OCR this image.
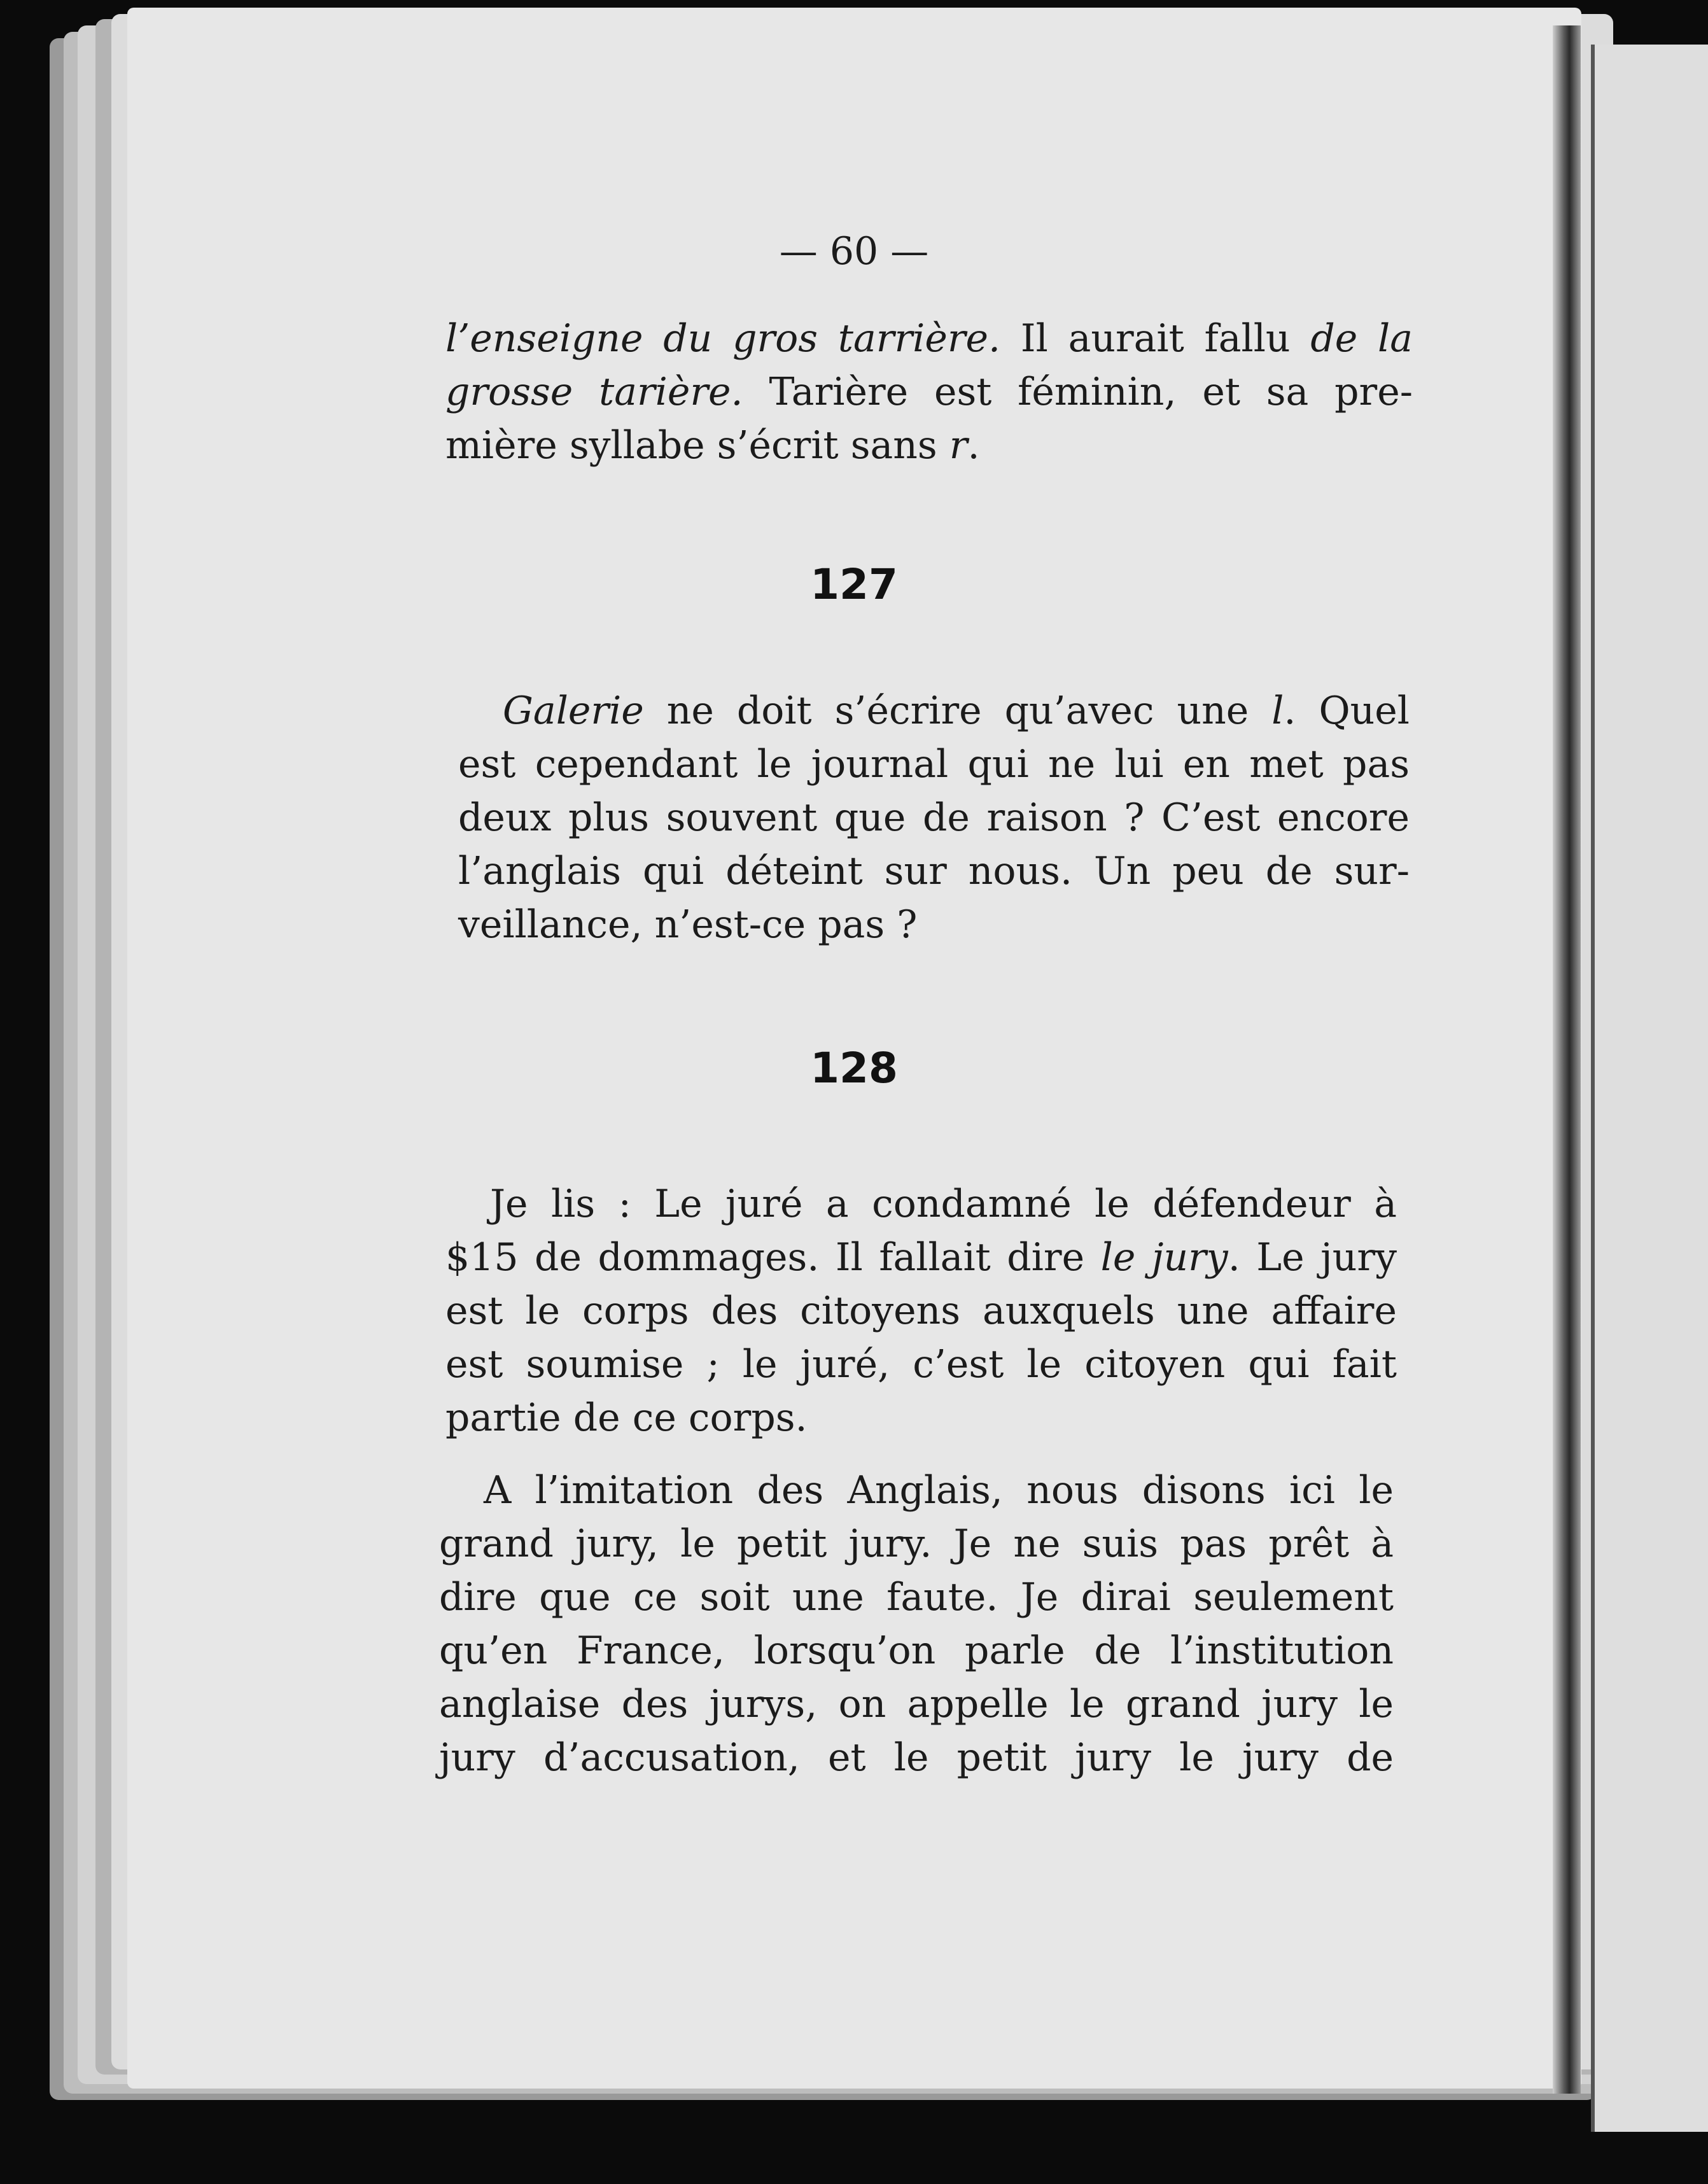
— 60 —
l’enseigne du gros tarrière. Il aurait fallu de la
grosse tarière. Tarière est féminin, et sa pre-
mière syllabe s’écrit sans r.
127
Galerie ne doit s’écrire qu’avec une l. Quel
est cependant le journal qui ne lui en met pas
deux plus souvent que de raison ? C’est encore
l’anglais qui déteint sur nous. Un peu de sur-
veillance, n’est-ce pas ?
128
Je lis : Le juré a condamné le défendeur à
$15 de dommages. Il fallait dire le jury. Le jury
est le corps des citoyens auxquels une affaire
est soumise ; le juré, c’est le citoyen qui fait
partie de ce corps.
A l’imitation des Anglais, nous disons ici le
grand jury, le petit jury. Je ne suis pas prêt à
dire que ce soit une faute. Je dirai seulement
qu’en France, lorsqu’on parle de l’institution
anglaise des jurys, on appelle le grand jury le
jury d’accusation, et le petit jury le jury de
